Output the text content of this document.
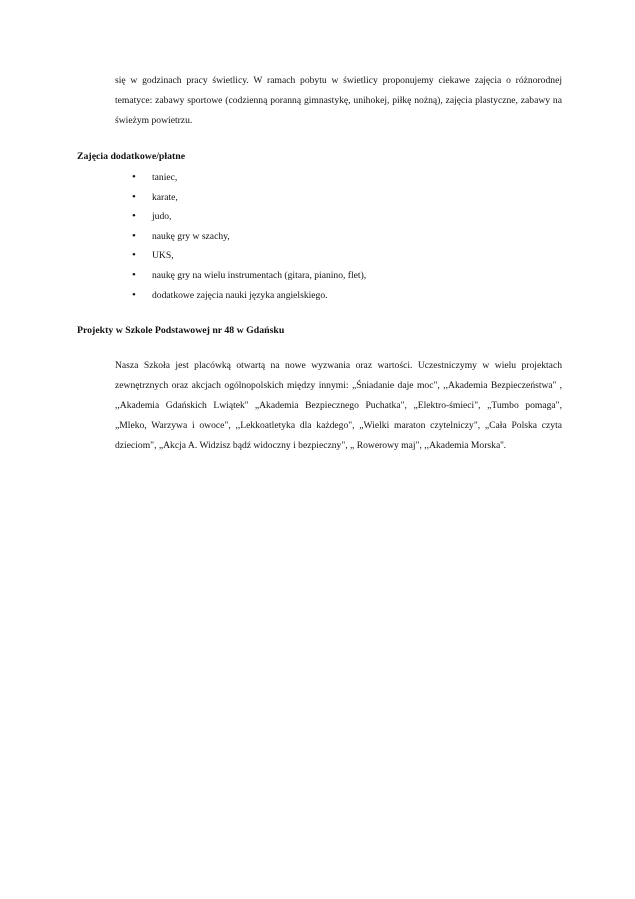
się w godzinach pracy świetlicy. W ramach pobytu w świetlicy proponujemy ciekawe zajęcia o różnorodnej tematyce: zabawy sportowe (codzienną poranną gimnastykę, unihokej, piłkę nożną), zajęcia plastyczne, zabawy na świeżym powietrzu.

Zajęcia dodatkowe/płatne

• taniec,
• karate,
• judo,
• naukę gry w szachy,
• UKS,
• naukę gry na wielu instrumentach (gitara, pianino, flet),
• dodatkowe zajęcia nauki języka angielskiego.

Projekty w Szkole Podstawowej nr 48 w Gdańsku

Nasza Szkoła jest placówką otwartą na nowe wyzwania oraz wartości. Uczestniczymy w wielu projektach zewnętrznych oraz akcjach ogólnopolskich między innymi: „Śniadanie daje moc", ,,Akademia Bezpieczeństwa'' , ,,Akademia Gdańskich Lwiątek'' „Akademia Bezpiecznego Puchatka", „Elektro-śmieci", „Tumbo pomaga", „Mleko, Warzywa i owoce", ,,Lekkoatletyka dla każdego", „Wielki maraton czytelniczy", „Cała Polska czyta dzieciom", „Akcja A. Widzisz bądź widoczny i bezpieczny", „ Rowerowy maj", ,,Akademia Morska''.
